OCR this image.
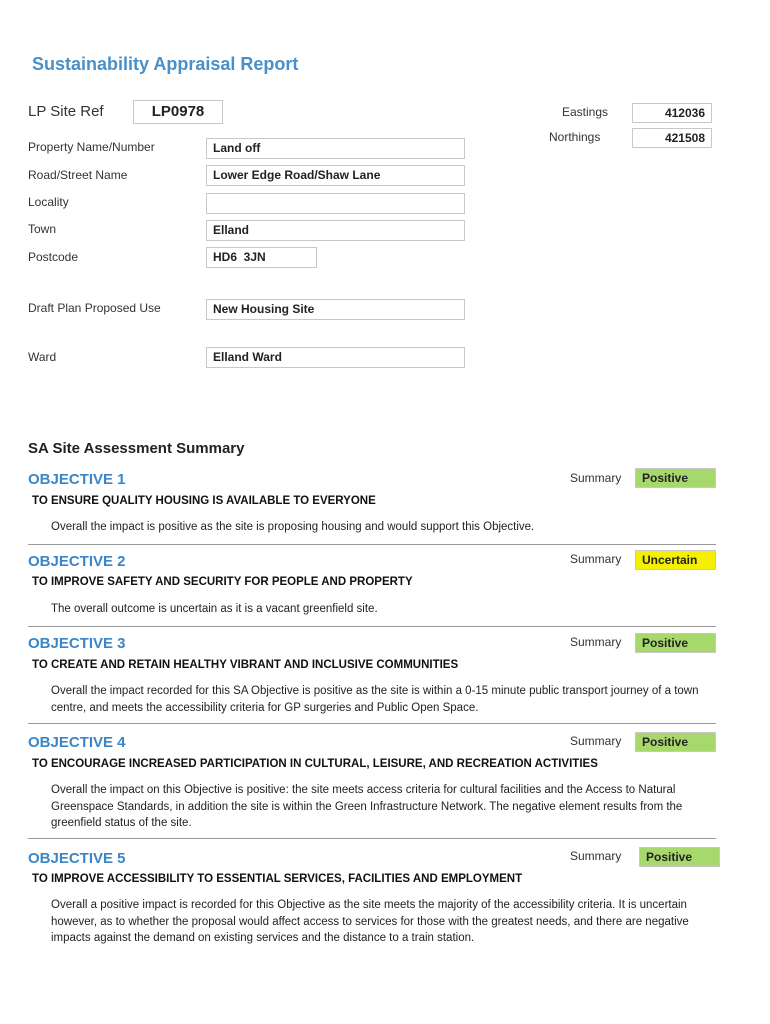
Sustainability Appraisal Report
LP Site Ref	LP0978	Eastings	412036
Northings	421508
Property Name/Number	Land off
Road/Street Name	Lower Edge Road/Shaw Lane
Locality
Town	Elland
Postcode	HD6  3JN
Draft Plan Proposed Use	New Housing Site
Ward	Elland Ward
SA Site Assessment Summary
OBJECTIVE 1	Summary	Positive
TO ENSURE QUALITY HOUSING IS AVAILABLE TO EVERYONE
Overall the impact is positive as the site is proposing housing and would support this Objective.
OBJECTIVE 2	Summary	Uncertain
TO IMPROVE SAFETY AND SECURITY FOR PEOPLE AND PROPERTY
The overall outcome is uncertain as it is a vacant greenfield site.
OBJECTIVE 3	Summary	Positive
TO CREATE AND RETAIN HEALTHY VIBRANT AND INCLUSIVE COMMUNITIES
Overall the impact recorded for this SA Objective is positive as the site is within a 0-15 minute public transport journey of a town centre, and meets the accessibility criteria for GP surgeries and Public Open Space.
OBJECTIVE 4	Summary	Positive
TO ENCOURAGE INCREASED PARTICIPATION IN CULTURAL, LEISURE, AND RECREATION ACTIVITIES
Overall the impact on this Objective is positive: the site meets access criteria for cultural facilities and the Access to Natural Greenspace Standards, in addition the site is within the Green Infrastructure Network. The negative element results from the greenfield status of the site.
OBJECTIVE 5	Summary	Positive
TO IMPROVE ACCESSIBILITY TO ESSENTIAL SERVICES, FACILITIES AND EMPLOYMENT
Overall a positive impact is recorded for this Objective as the site meets the majority of the accessibility criteria. It is uncertain however, as to whether the proposal would affect access to services for those with the greatest needs, and there are negative impacts against the demand on existing services and the distance to a train station.
